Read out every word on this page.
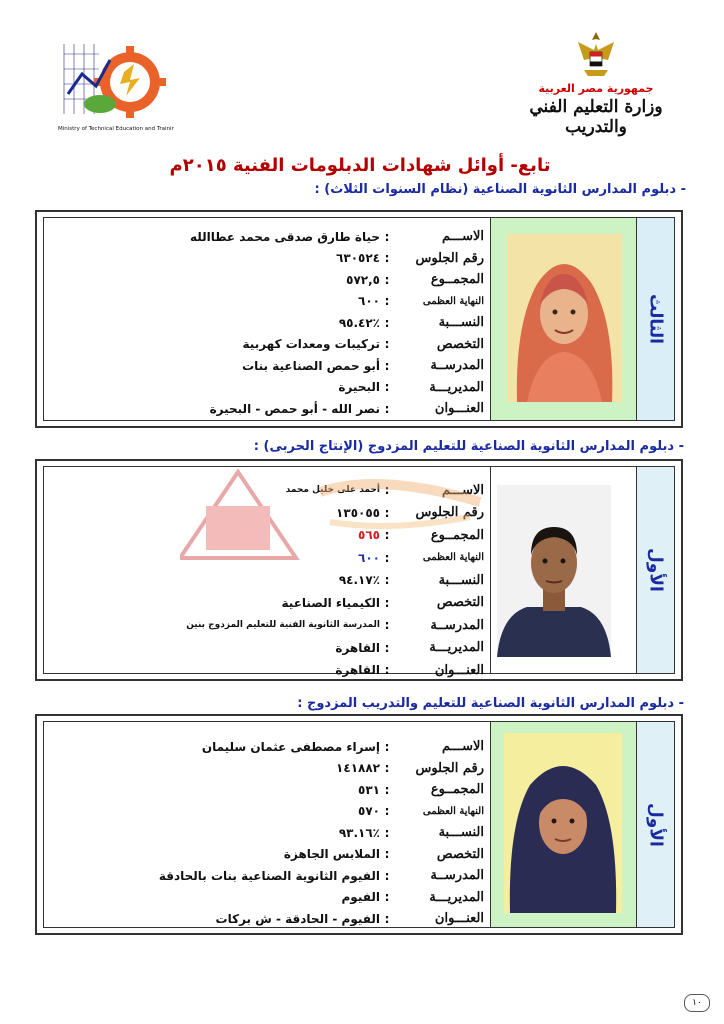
Ministry of Technical Education and Training
جمهورية مصر العربية
وزارة التعليم الفني والتدريب
تابع- أوائل شهادات الدبلومات الفنية ٢٠١٥م
- دبلوم المدارس الثانوية الصناعية (نظام السنوات الثلاث) :
الثالث
الاســـم
:
حياة طارق صدقى محمد عطاالله
رقم الجلوس
:
٦٣٠٥٢٤
المجمــوع
:
٥٧٢,٥
النهاية العظمى
:
٦٠٠
النســـبة
:
٪٩٥.٤٢
التخصص
:
تركيبات ومعدات كهربية
المدرســة
:
أبو حمص الصناعية بنات
المديريـــة
:
البحيرة
العنـــوان
:
نصر الله - أبو حمص - البحيرة
- دبلوم المدارس الثانوية الصناعية للتعليم المزدوج (الإنتاج الحربى) :
الأول
الاســـم
:
أحمد على خليل محمد
رقم الجلوس
:
١٣٥٠٥٥
المجمــوع
:
٥٦٥
النهاية العظمى
:
٦٠٠
النســـبة
:
٪٩٤.١٧
التخصص
:
الكيمياء الصناعية
المدرســة
:
المدرسة الثانوية الفنية للتعليم المزدوج بنين
المديريـــة
:
القاهرة
العنـــوان
:
القاهرة
- دبلوم المدارس الثانوية الصناعية للتعليم والتدريب المزدوج :
الأول
الاســـم
:
إسراء مصطفى عثمان سليمان
رقم الجلوس
:
١٤١٨٨٢
المجمــوع
:
٥٣١
النهاية العظمى
:
٥٧٠
النســـبة
:
٪٩٣.١٦
التخصص
:
الملابس الجاهزة
المدرســة
:
الفيوم الثانوية الصناعية بنات بالحادقة
المديريـــة
:
الفيوم
العنـــوان
:
الفيوم - الحادقة - ش بركات
١٠
